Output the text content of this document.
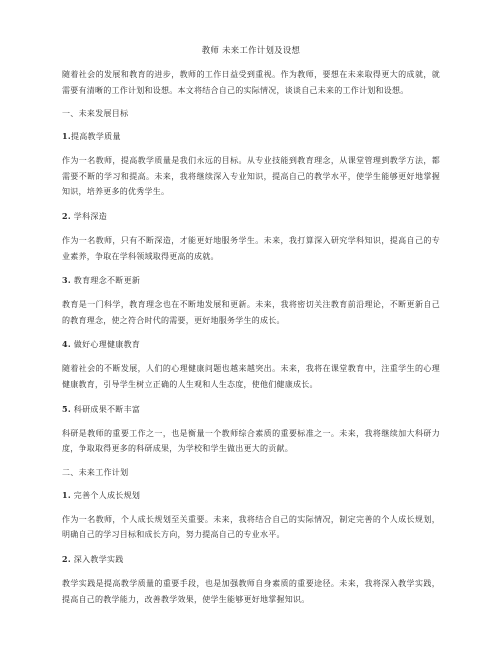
教师 未来工作计划及设想

随着社会的发展和教育的进步，教师的工作日益受到重视。作为教师，要想在未来取得更大的成就，就需要有清晰的工作计划和设想。本文将结合自己的实际情况，谈谈自己未来的工作计划和设想。

一、未来发展目标
1.提高教学质量

作为一名教师，提高教学质量是我们永远的目标。从专业技能到教育理念，从课堂管理到教学方法，都需要不断的学习和提高。未来，我将继续深入专业知识，提高自己的教学水平，使学生能够更好地掌握知识，培养更多的优秀学生。

2. 学科深造

作为一名教师，只有不断深造，才能更好地服务学生。未来，我打算深入研究学科知识，提高自己的专业素养，争取在学科领域取得更高的成就。

3. 教育理念不断更新

教育是一门科学，教育理念也在不断地发展和更新。未来，我将密切关注教育前沿理论，不断更新自己的教育理念，使之符合时代的需要，更好地服务学生的成长。

4. 做好心理健康教育

随着社会的不断发展，人们的心理健康问题也越来越突出。未来，我将在课堂教育中，注重学生的心理健康教育，引导学生树立正确的人生观和人生态度，使他们健康成长。

5. 科研成果不断丰富

科研是教师的重要工作之一，也是衡量一个教师综合素质的重要标准之一。未来，我将继续加大科研力度，争取取得更多的科研成果，为学校和学生做出更大的贡献。

二、未来工作计划
1. 完善个人成长规划

作为一名教师，个人成长规划至关重要。未来，我将结合自己的实际情况，制定完善的个人成长规划，明确自己的学习目标和成长方向，努力提高自己的专业水平。

2. 深入教学实践

教学实践是提高教学质量的重要手段，也是加强教师自身素质的重要途径。未来，我将深入教学实践，提高自己的教学能力，改善教学效果，使学生能够更好地掌握知识。
